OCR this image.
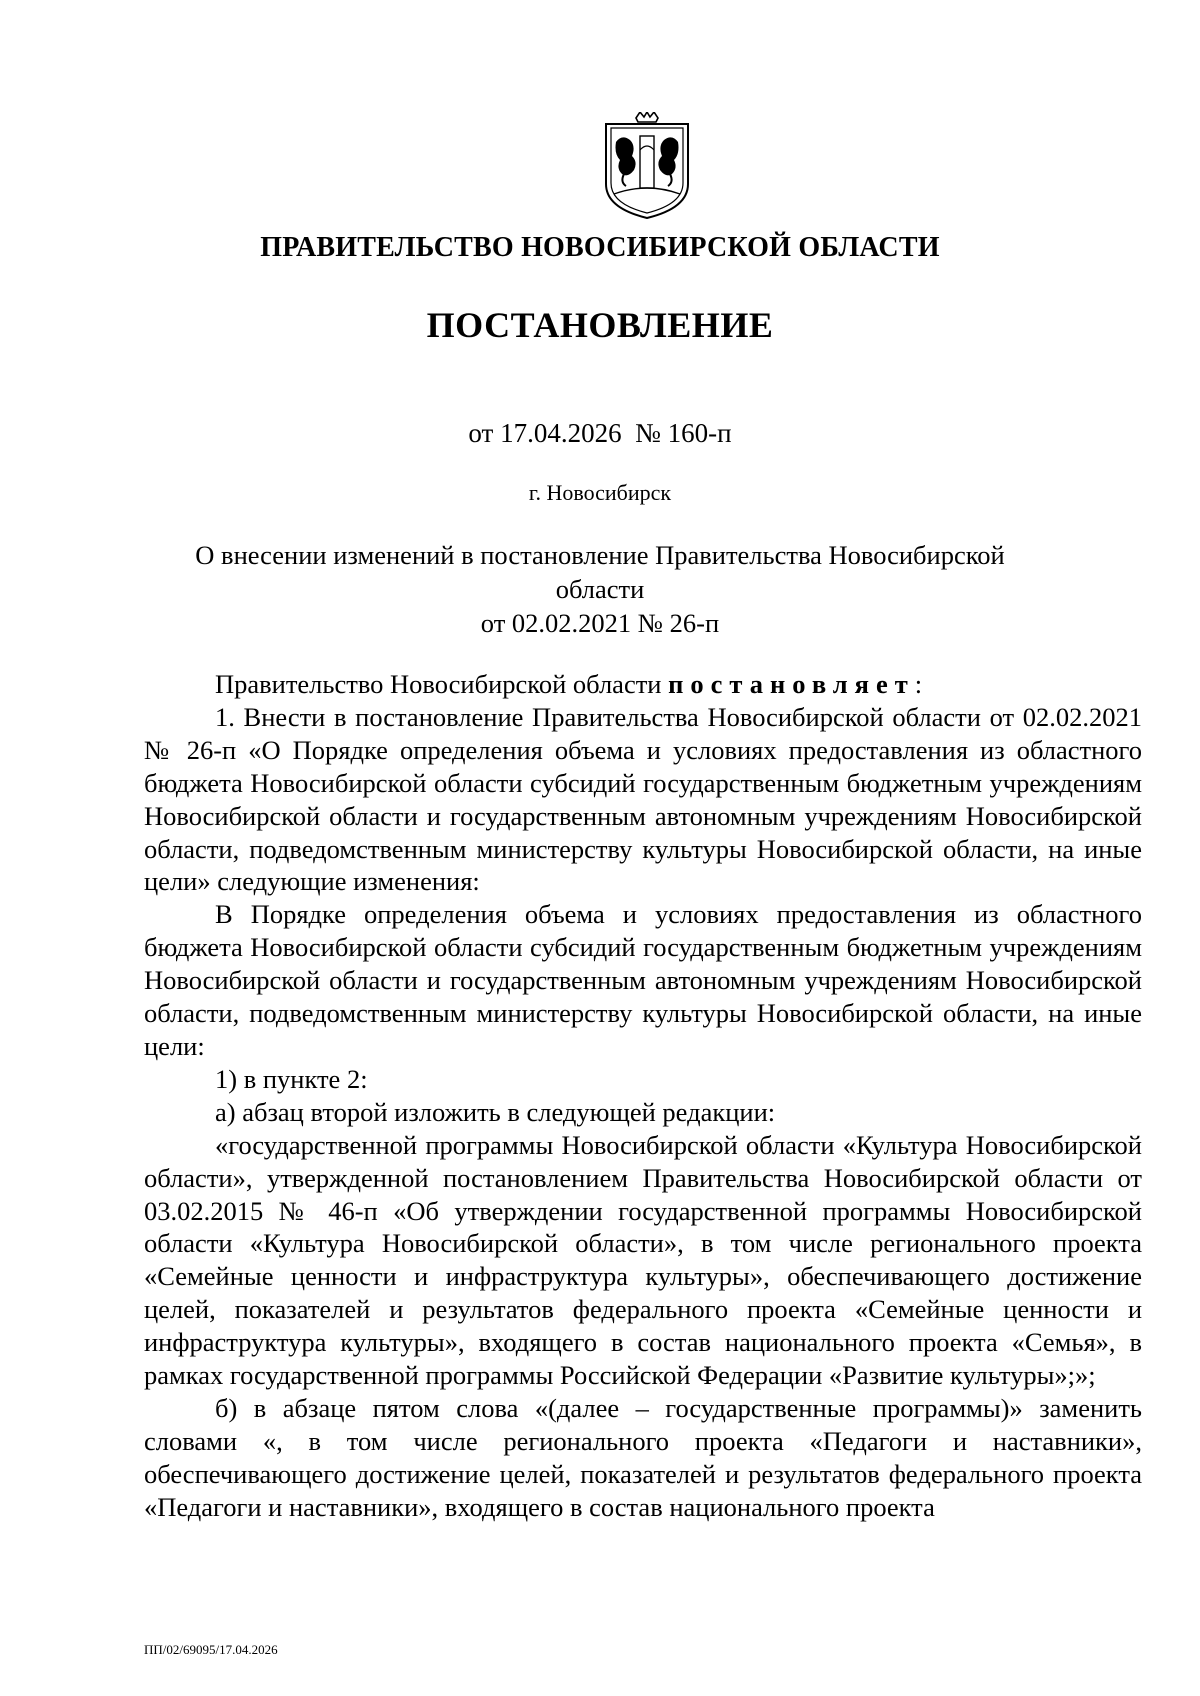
ПРАВИТЕЛЬСТВО НОВОСИБИРСКОЙ ОБЛАСТИ
ПОСТАНОВЛЕНИЕ
от 17.04.2026 № 160-п
г. Новосибирск
О внесении изменений в постановление Правительства Новосибирской области
от 02.02.2021 № 26-п

Правительство Новосибирской области постановляет:

1. Внести в постановление Правительства Новосибирской области от 02.02.2021 № 26-п «О Порядке определения объема и условиях предоставления из областного бюджета Новосибирской области субсидий государственным бюджетным учреждениям Новосибирской области и государственным автономным учреждениям Новосибирской области, подведомственным министерству культуры Новосибирской области, на иные цели» следующие изменения:

В Порядке определения объема и условиях предоставления из областного бюджета Новосибирской области субсидий государственным бюджетным учреждениям Новосибирской области и государственным автономным учреждениям Новосибирской области, подведомственным министерству культуры Новосибирской области, на иные цели:

1) в пункте 2:

а) абзац второй изложить в следующей редакции:

«государственной программы Новосибирской области «Культура Новосибирской области», утвержденной постановлением Правительства Новосибирской области от 03.02.2015 № 46-п «Об утверждении государственной программы Новосибирской области «Культура Новосибирской области», в том числе регионального проекта «Семейные ценности и инфраструктура культуры», обеспечивающего достижение целей, показателей и результатов федерального проекта «Семейные ценности и инфраструктура культуры», входящего в состав национального проекта «Семья», в рамках государственной программы Российской Федерации «Развитие культуры»;»;

б) в абзаце пятом слова «(далее – государственные программы)» заменить словами «, в том числе регионального проекта «Педагоги и наставники», обеспечивающего достижение целей, показателей и результатов федерального проекта «Педагоги и наставники», входящего в состав национального проекта

ПП/02/69095/17.04.2026
